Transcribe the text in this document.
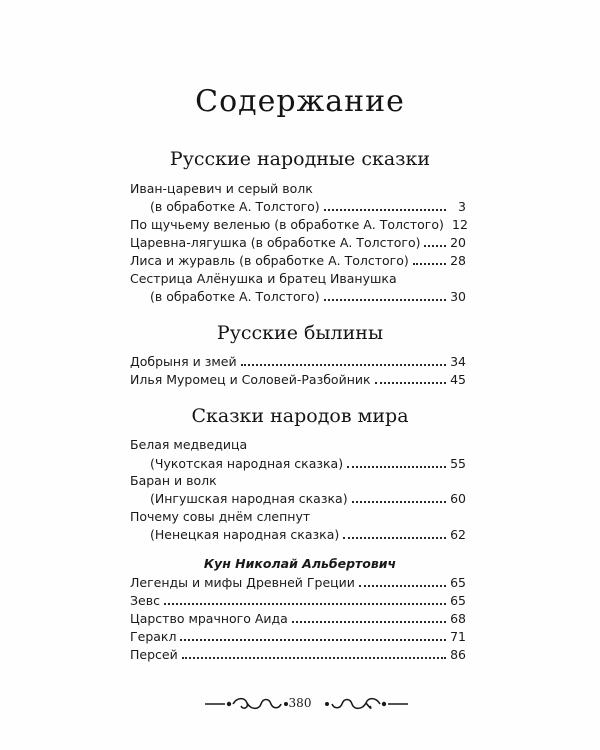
Содержание
Русские народные сказки
Иван-царевич и серый волк
(в обработке А. Толстого)	3
По щучьему веленью (в обработке А. Толстого) 12
Царевна-лягушка (в обработке А. Толстого) 20
Лиса и журавль (в обработке А. Толстого)	28
Сестрица Алёнушка и братец Иванушка
(в обработке А. Толстого)	30
Русские былины
Добрыня и змей	34
Илья Муромец и Соловей-Разбойник	45
Сказки народов мира
Белая медведица
(Чукотская народная сказка)	55
Баран и волк
(Ингушская народная сказка)	60
Почему совы днём слепнут
(Ненецкая народная сказка)	62
Кун Николай Альбертович
Легенды и мифы Древней Греции	65
Зевс	65
Царство мрачного Аида	68
Геракл	71
Персей	86
380
